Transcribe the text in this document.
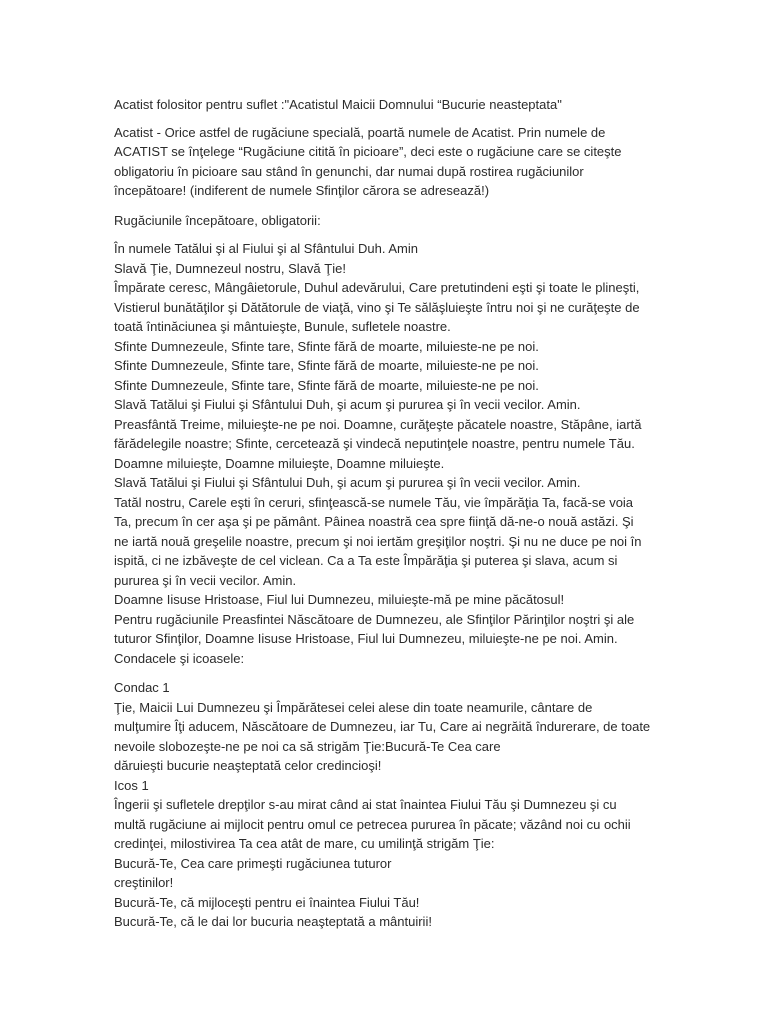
Acatist folositor pentru suflet :"Acatistul Maicii Domnului “Bucurie neasteptata"
Acatist - Orice astfel de rugăciune specială, poartă numele de Acatist. Prin numele de
ACATIST se înţelege “Rugăciune citită în picioare”, deci este o rugăciune care se citeşte
obligatoriu în picioare sau stând în genunchi, dar numai după rostirea rugăciunilor
începătoare! (indiferent de numele Sfinţilor cărora se adresează!)
Rugăciunile începătoare, obligatorii:
În numele Tatălui şi al Fiului şi al Sfântului Duh. Amin
Slavă Ţie, Dumnezeul nostru, Slavă Ţie!
Împărate ceresc, Mângâietorule, Duhul adevărului, Care pretutindeni eşti şi toate le plineşti,
Vistierul bunătăţilor şi Dătătorule de viaţă, vino şi Te sălăşluieşte întru noi şi ne curăţeşte de
toată întinăciunea şi mântuieşte, Bunule, sufletele noastre.
Sfinte Dumnezeule, Sfinte tare, Sfinte fără de moarte, miluieste-ne pe noi.
Sfinte Dumnezeule, Sfinte tare, Sfinte fără de moarte, miluieste-ne pe noi.
Sfinte Dumnezeule, Sfinte tare, Sfinte fără de moarte, miluieste-ne pe noi.
Slavă Tatălui şi Fiului şi Sfântului Duh, şi acum şi pururea şi în vecii vecilor. Amin.
Preasfântă Treime, miluieşte-ne pe noi. Doamne, curăţeşte păcatele noastre, Stăpâne, iartă
fărădelegile noastre; Sfinte, cercetează şi vindecă neputinţele noastre, pentru numele Tău.
Doamne miluieşte, Doamne miluieşte, Doamne miluieşte.
Slavă Tatălui şi Fiului şi Sfântului Duh, şi acum şi pururea şi în vecii vecilor. Amin.
Tatăl nostru, Carele eşti în ceruri, sfinţească-se numele Tău, vie împărăţia Ta, facă-se voia
Ta, precum în cer aşa şi pe pământ. Pâinea noastră cea spre fiinţă dă-ne-o nouă astăzi. Şi
ne iartă nouă greşelile noastre, precum şi noi iertăm greşiţilor noştri. Şi nu ne duce pe noi în
ispită, ci ne izbăveşte de cel viclean. Ca a Ta este Împărăţia şi puterea şi slava, acum si
pururea şi în vecii vecilor. Amin.
Doamne Iisuse Hristoase, Fiul lui Dumnezeu, miluieşte-mă pe mine păcătosul!
Pentru rugăciunile Preasfintei Născătoare de Dumnezeu, ale Sfinţilor Părinţilor noştri şi ale
tuturor Sfinţilor, Doamne Iisuse Hristoase, Fiul lui Dumnezeu, miluieşte-ne pe noi. Amin.
Condacele şi icoasele:
Condac 1
Ţie, Maicii Lui Dumnezeu şi Împărătesei celei alese din toate neamurile, cântare de
mulţumire Îţi aducem, Născătoare de Dumnezeu, iar Tu, Care ai negrăită îndurerare, de toate
nevoile slobozeşte-ne pe noi ca să strigăm Ţie:Bucură-Te Cea care
dăruieşti bucurie neaşteptată celor credincioşi!
Icos 1
Îngerii şi sufletele drepţilor s-au mirat când ai stat înaintea Fiului Tău şi Dumnezeu şi cu
multă rugăciune ai mijlocit pentru omul ce petrecea pururea în păcate; văzând noi cu ochii
credinţei, milostivirea Ta cea atât de mare, cu umilinţă strigăm Ţie:
Bucură-Te, Cea care primeşti rugăciunea tuturor
creştinilor!
Bucură-Te, că mijloceşti pentru ei înaintea Fiului Tău!
Bucură-Te, că le dai lor bucuria neaşteptată a mântuirii!
